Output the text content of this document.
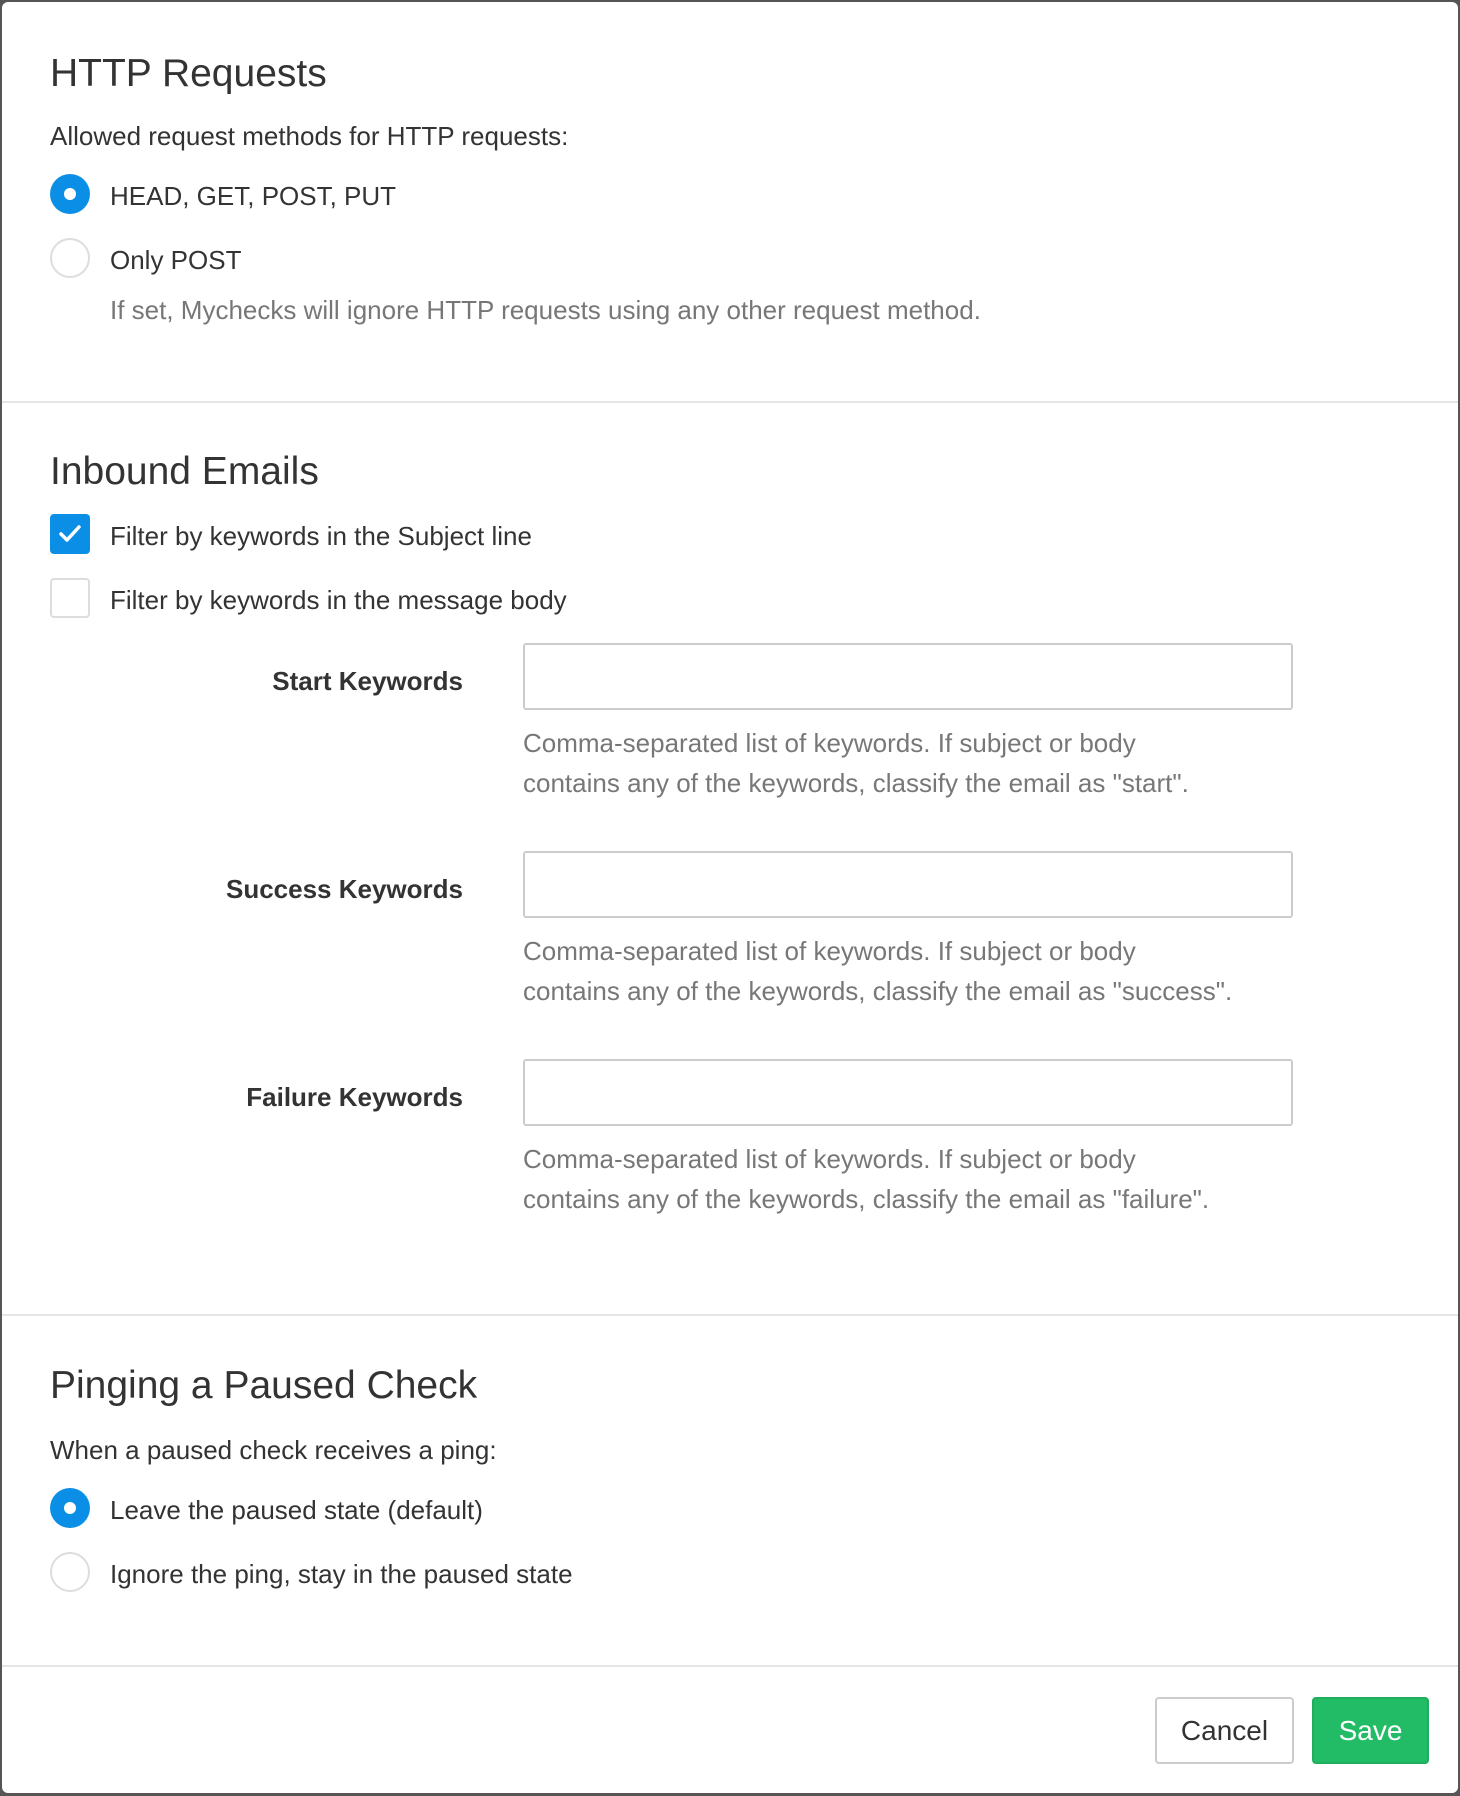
HTTP Requests
Allowed request methods for HTTP requests:
HEAD, GET, POST, PUT
Only POST
If set, Mychecks will ignore HTTP requests using any other request method.
Inbound Emails
Filter by keywords in the Subject line
Filter by keywords in the message body
Start Keywords
Comma-separated list of keywords. If subject or body
contains any of the keywords, classify the email as "start".
Success Keywords
Comma-separated list of keywords. If subject or body
contains any of the keywords, classify the email as "success".
Failure Keywords
Comma-separated list of keywords. If subject or body
contains any of the keywords, classify the email as "failure".
Pinging a Paused Check
When a paused check receives a ping:
Leave the paused state (default)
Ignore the ping, stay in the paused state
Cancel	Save
